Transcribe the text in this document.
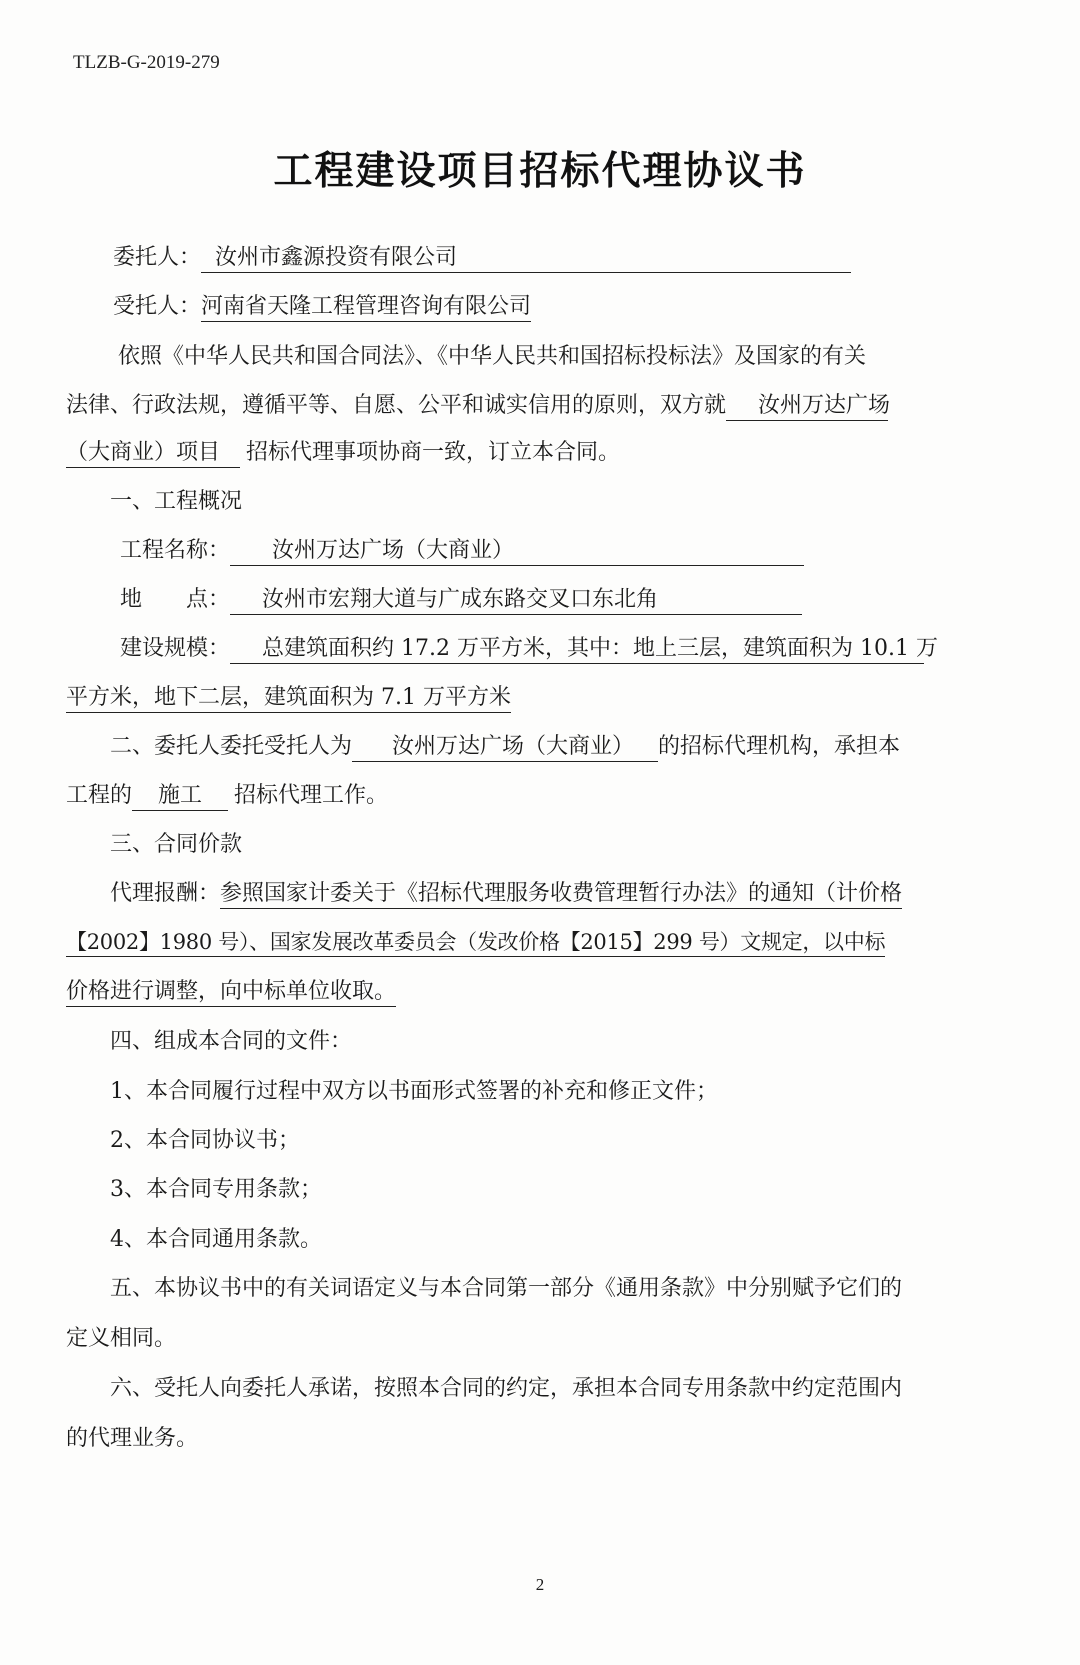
TLZB-G-2019-279
工程建设项目招标代理协议书
委托人： 汝州市鑫源投资有限公司
受托人：河南省天隆工程管理咨询有限公司
依照《中华人民共和国合同法》、《中华人民共和国招标投标法》及国家的有关
法律、行政法规，遵循平等、自愿、公平和诚实信用的原则，双方就 汝州万达广场
（大商业）项目 招标代理事项协商一致，订立本合同。
一、工程概况
工程名称： 汝州万达广场（大商业）
地　　点： 汝州市宏翔大道与广成东路交叉口东北角
建设规模： 总建筑面积约 17.2 万平方米，其中：地上三层，建筑面积为 10.1 万
平方米，地下二层，建筑面积为 7.1 万平方米
二、委托人委托受托人为 汝州万达广场（大商业） 的招标代理机构，承担本
工程的 施工 招标代理工作。
三、合同价款
代理报酬：参照国家计委关于《招标代理服务收费管理暂行办法》的通知（计价格
【2002】1980 号）、国家发展改革委员会（发改价格【2015】299 号）文规定，以中标
价格进行调整，向中标单位收取。
四、组成本合同的文件：
1、本合同履行过程中双方以书面形式签署的补充和修正文件；
2、本合同协议书；
3、本合同专用条款；
4、本合同通用条款。
五、本协议书中的有关词语定义与本合同第一部分《通用条款》中分别赋予它们的
定义相同。
六、受托人向委托人承诺，按照本合同的约定，承担本合同专用条款中约定范围内
的代理业务。
2
